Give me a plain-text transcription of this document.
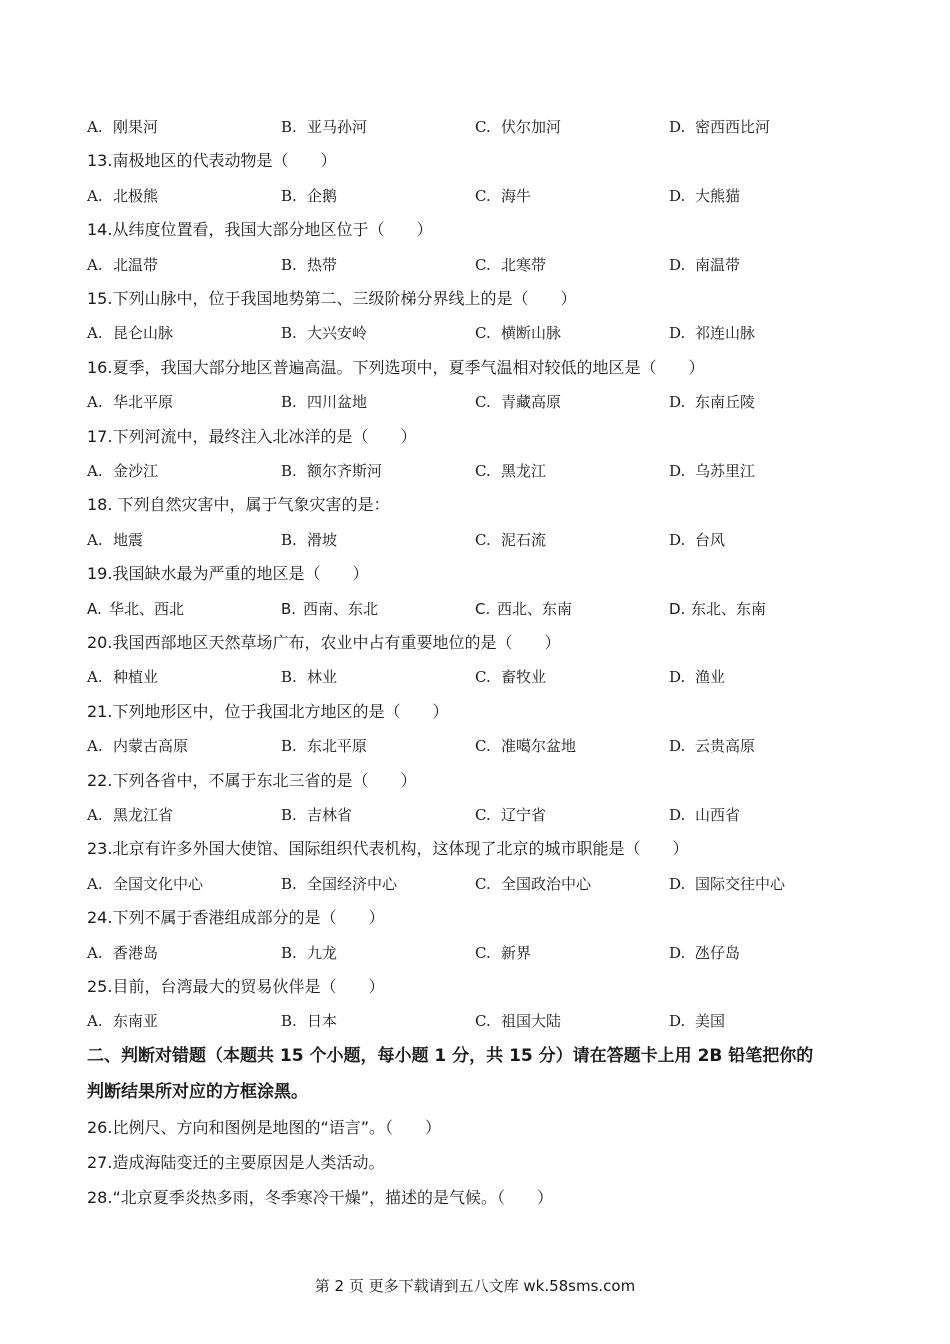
A. 刚果河	B. 亚马孙河	C. 伏尔加河	D. 密西西比河
13.南极地区的代表动物是（　　）
A. 北极熊	B. 企鹅	C. 海牛	D. 大熊猫
14.从纬度位置看，我国大部分地区位于（　　）
A. 北温带	B. 热带	C. 北寒带	D. 南温带
15.下列山脉中，位于我国地势第二、三级阶梯分界线上的是（　　）
A. 昆仑山脉	B. 大兴安岭	C. 横断山脉	D. 祁连山脉
16.夏季，我国大部分地区普遍高温。下列选项中，夏季气温相对较低的地区是（　　）
A. 华北平原	B. 四川盆地	C. 青藏高原	D. 东南丘陵
17.下列河流中，最终注入北冰洋的是（　　）
A. 金沙江	B. 额尔齐斯河	C. 黑龙江	D. 乌苏里江
18. 下列自然灾害中，属于气象灾害的是：
A. 地震	B. 滑坡	C. 泥石流	D. 台风
19.我国缺水最为严重的地区是（　　）
A. 华北、西北	B. 西南、东北	C. 西北、东南	D. 东北、东南
20.我国西部地区天然草场广布，农业中占有重要地位的是（　　）
A. 种植业	B. 林业	C. 畜牧业	D. 渔业
21.下列地形区中，位于我国北方地区的是（　　）
A. 内蒙古高原	B. 东北平原	C. 准噶尔盆地	D. 云贵高原
22.下列各省中，不属于东北三省的是（　　）
A. 黑龙江省	B. 吉林省	C. 辽宁省	D. 山西省
23.北京有许多外国大使馆、国际组织代表机构，这体现了北京的城市职能是（　　）
A. 全国文化中心	B. 全国经济中心	C. 全国政治中心	D. 国际交往中心
24.下列不属于香港组成部分的是（　　）
A. 香港岛	B. 九龙	C. 新界	D. 氹仔岛
25.目前，台湾最大的贸易伙伴是（　　）
A. 东南亚	B. 日本	C. 祖国大陆	D. 美国
二、判断对错题（本题共 15 个小题，每小题 1 分，共 15 分）请在答题卡上用 2B 铅笔把你的
判断结果所对应的方框涂黑。
26.比例尺、方向和图例是地图的“语言”。（　　）
27.造成海陆变迁的主要原因是人类活动。
28.“北京夏季炎热多雨，冬季寒冷干燥”，描述的是气候。（　　）
第 2 页 更多下载请到五八文库 wk.58sms.com
